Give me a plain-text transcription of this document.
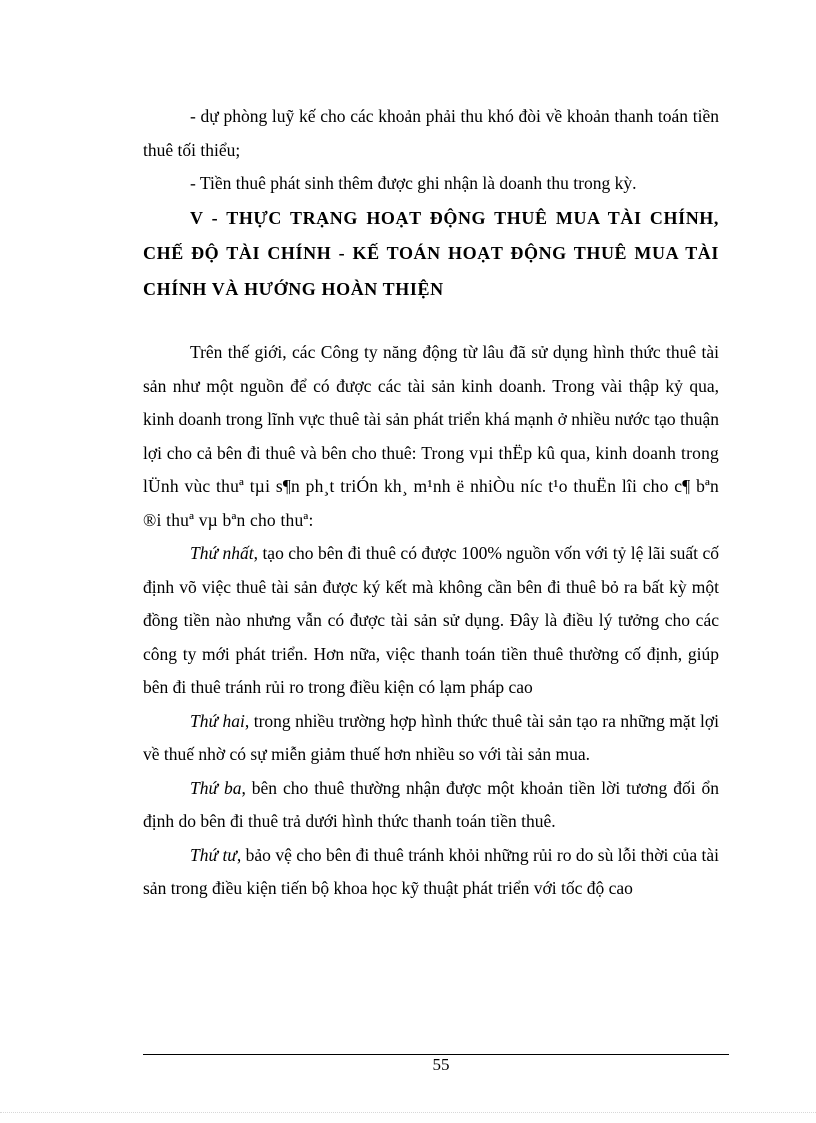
- dự phòng luỹ kế cho các khoản phải thu khó đòi về khoản thanh toán tiền thuê tối thiểu;

- Tiền thuê phát sinh thêm được ghi nhận là doanh thu trong kỳ.

V - THỰC TRẠNG HOẠT ĐỘNG THUÊ MUA TÀI CHÍNH, CHẾ ĐỘ TÀI CHÍNH - KẾ TOÁN HOẠT ĐỘNG THUÊ MUA TÀI CHÍNH VÀ HƯỚNG HOÀN THIỆN

Trên thế giới, các Công ty năng động từ lâu đã sử dụng hình thức thuê tài sản như một nguồn để có được các tài sản kinh doanh. Trong vài thập kỷ qua, kinh doanh trong lĩnh vực thuê tài sản phát triển khá mạnh ở nhiều nước tạo thuận lợi cho cả bên đi thuê và bên cho thuê: Trong vµi thËp kû qua, kinh doanh trong lÜnh vùc thuª tµi s¶n ph¸t triÓn kh¸ m¹nh ë nhiÒu níc t¹o thuËn lîi cho c¶ bªn ®i thuª vµ bªn cho thuª:

Thứ nhất, tạo cho bên đi thuê có được 100% nguồn vốn với tỷ lệ lãi suất cố định võ việc thuê tài sản được ký kết mà không cần bên đi thuê bỏ ra bất kỳ một đồng tiền nào nhưng vẫn có được tài sản sử dụng. Đây là điều lý tưởng cho các công ty mới phát triển. Hơn nữa, việc thanh toán tiền thuê thường cố định, giúp bên đi thuê tránh rủi ro trong điều kiện có lạm pháp cao

Thứ hai, trong nhiều trường hợp hình thức thuê tài sản tạo ra những mặt lợi về thuế nhờ có sự miễn giảm thuế hơn nhiều so với tài sản mua.

Thứ ba, bên cho thuê thường nhận được một khoản tiền lời tương đối ổn định do bên đi thuê trả dưới hình thức thanh toán tiền thuê.

Thứ tư, bảo vệ cho bên đi thuê tránh khỏi những rủi ro do sù lỗi thời của tài sản trong điều kiện tiến bộ khoa học kỹ thuật phát triển với tốc độ cao

55
